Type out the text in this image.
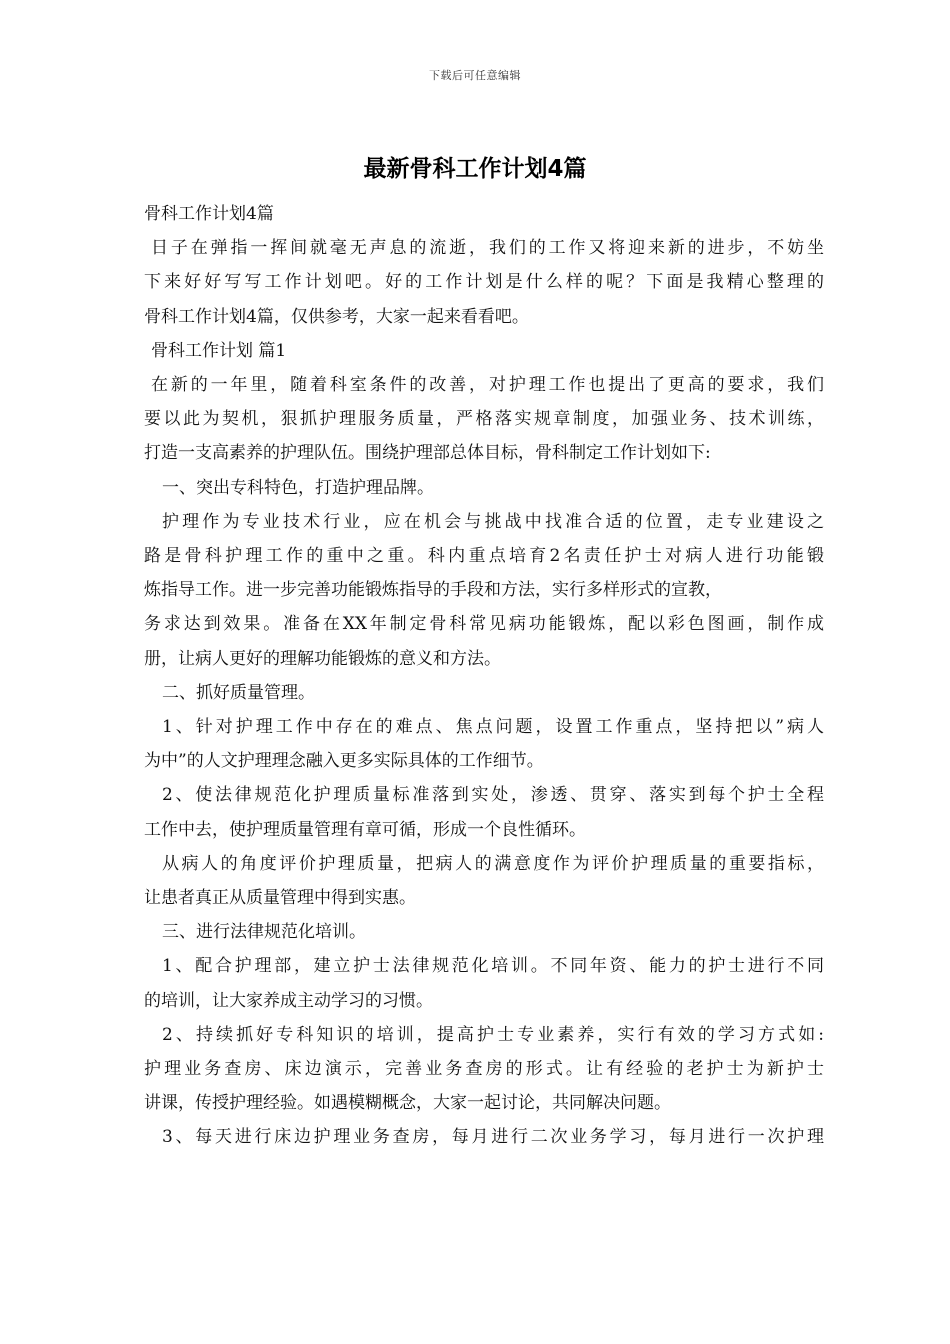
下载后可任意编辑
最新骨科工作计划4篇
骨科工作计划4篇
日子在弹指一挥间就毫无声息的流逝，我们的工作又将迎来新的进步，不妨坐
下来好好写写工作计划吧。好的工作计划是什么样的呢？下面是我精心整理的
骨科工作计划4篇，仅供参考，大家一起来看看吧。
骨科工作计划 篇1
在新的一年里，随着科室条件的改善，对护理工作也提出了更高的要求，我们
要以此为契机，狠抓护理服务质量，严格落实规章制度，加强业务、技术训练，
打造一支高素养的护理队伍。围绕护理部总体目标，骨科制定工作计划如下:
一、突出专科特色，打造护理品牌。
护理作为专业技术行业，应在机会与挑战中找准合适的位置，走专业建设之
路是骨科护理工作的重中之重。科内重点培育2名责任护士对病人进行功能锻
炼指导工作。进一步完善功能锻炼指导的手段和方法，实行多样形式的宣教，
务求达到效果。准备在XX年制定骨科常见病功能锻炼，配以彩色图画，制作成
册，让病人更好的理解功能锻炼的意义和方法。
二、抓好质量管理。
1、针对护理工作中存在的难点、焦点问题，设置工作重点，坚持把以”病人
为中”的人文护理理念融入更多实际具体的工作细节。
2、使法律规范化护理质量标准落到实处，渗透、贯穿、落实到每个护士全程
工作中去，使护理质量管理有章可循，形成一个良性循环。
从病人的角度评价护理质量，把病人的满意度作为评价护理质量的重要指标，
让患者真正从质量管理中得到实惠。
三、进行法律规范化培训。
1、配合护理部，建立护士法律规范化培训。不同年资、能力的护士进行不同
的培训，让大家养成主动学习的习惯。
2、持续抓好专科知识的培训，提高护士专业素养，实行有效的学习方式如:
护理业务查房、床边演示，完善业务查房的形式。让有经验的老护士为新护士
讲课，传授护理经验。如遇模糊概念，大家一起讨论，共同解决问题。
3、每天进行床边护理业务查房，每月进行二次业务学习，每月进行一次护理
